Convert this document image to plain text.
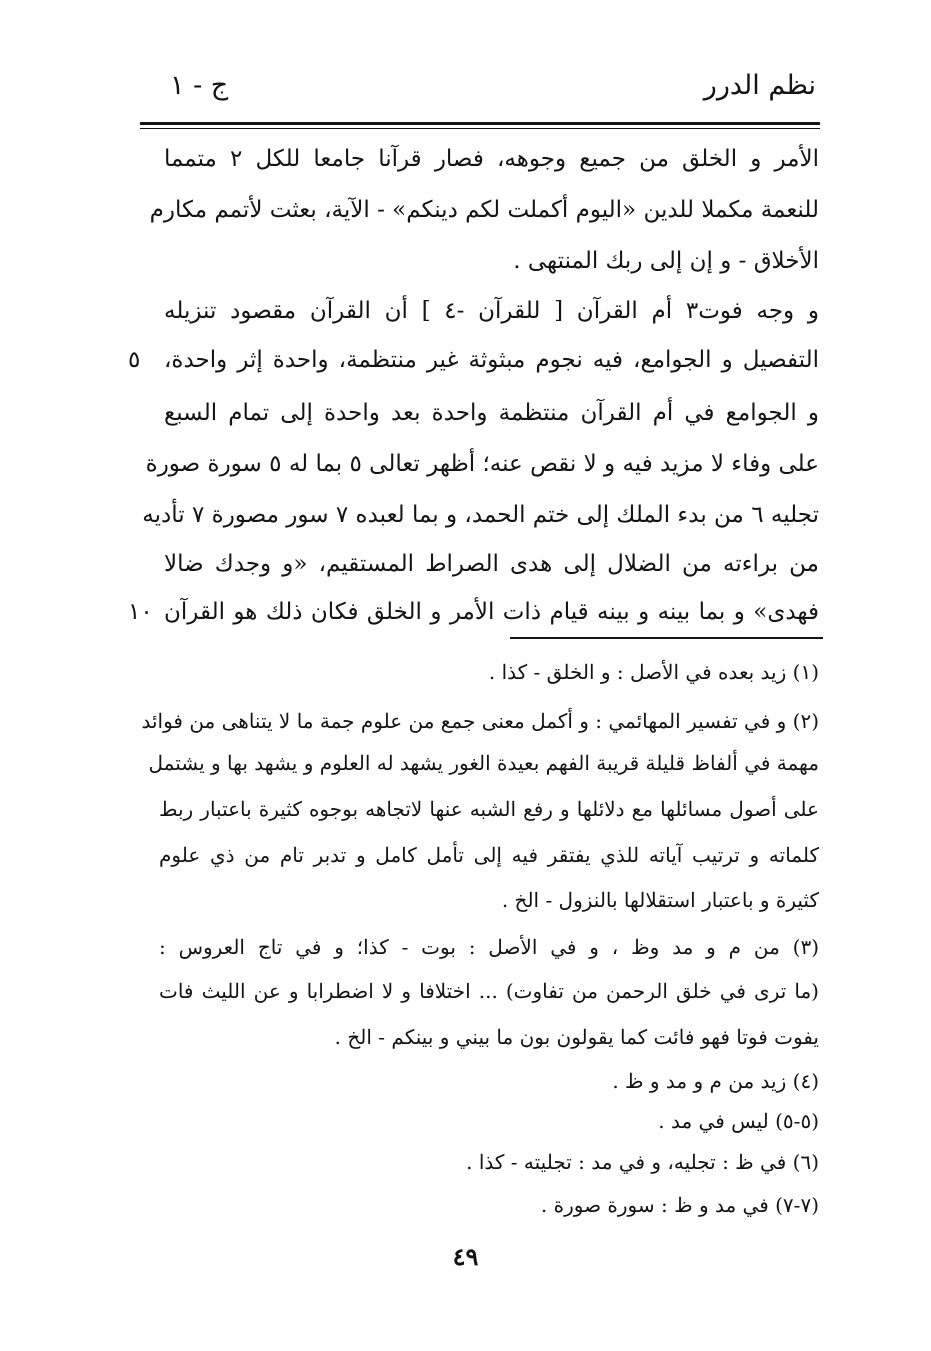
نظم الدرر
ج - ١
الأمر و الخلق من جميع وجوهه، فصار قرآنا جامعا للكل ٢ متمما
للنعمة مكملا للدين «اليوم أكملت لكم دينكم» - الآية، بعثت لأتمم مكارم
الأخلاق - و إن إلى ربك المنتهى .
و وجه فوت٣ أم القرآن [ للقرآن -٤ ] أن القرآن مقصود تنزيله
التفصيل و الجوامع، فيه نجوم مبثوثة غير منتظمة، واحدة إثر واحدة،
و الجوامع في أم القرآن منتظمة واحدة بعد واحدة إلى تمام السبع
على وفاء لا مزيد فيه و لا نقص عنه؛ أظهر تعالى ٥ بما له ٥ سورة صورة
تجليه ٦ من بدء الملك إلى ختم الحمد، و بما لعبده ٧ سور مصورة ٧ تأديه
من براءته من الضلال إلى هدى الصراط المستقيم، «و وجدك ضالا
فهدى» و بما بينه و بينه قيام ذات الأمر و الخلق فكان ذلك هو القرآن
٥
١٠
(١) زيد بعده في الأصل : و الخلق - كذا .
(٢) و في تفسير المهائمي : و أكمل معنى جمع من علوم جمة ما لا يتناهى من فوائد
مهمة في ألفاظ قليلة قريبة الفهم بعيدة الغور يشهد له العلوم و يشهد بها و يشتمل
على أصول مسائلها مع دلائلها و رفع الشبه عنها لاتجاهه بوجوه كثيرة باعتبار ربط
كلماته و ترتيب آياته للذي يفتقر فيه إلى تأمل كامل و تدبر تام من ذي علوم
كثيرة و باعتبار استقلالها بالنزول - الخ .
(٣) من م و مد وظ ، و في الأصل : بوت - كذا؛ و في تاج العروس :
(ما ترى في خلق الرحمن من تفاوت) ... اختلافا و لا اضطرابا و عن الليث فات
يفوت فوتا فهو فائت كما يقولون بون ما بيني و بينكم - الخ .
(٤) زيد من م و مد و ظ .
(٥-٥) ليس في مد .
(٦) في ظ : تجليه، و في مد : تجليته - كذا .
(٧-٧) في مد و ظ : سورة صورة .
٤٩
